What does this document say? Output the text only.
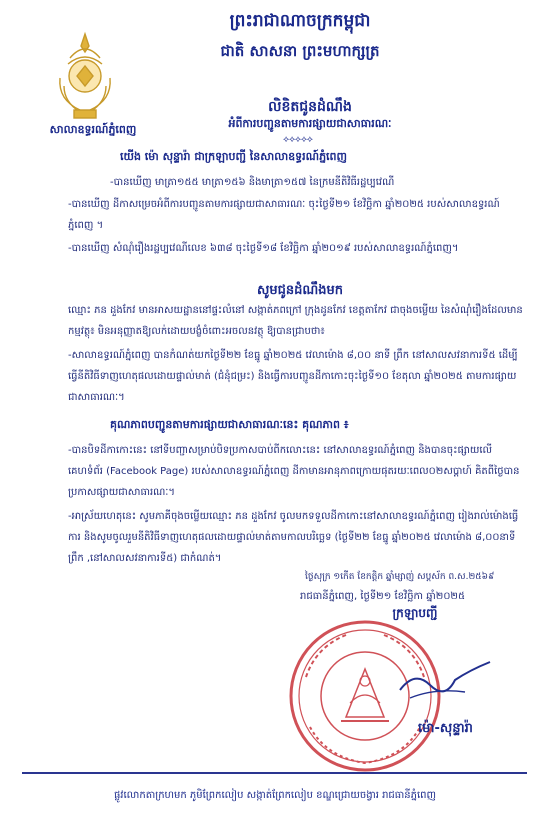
ព្រះរាជាណាចក្រកម្ពុជា
ជាតិ សាសនា ព្រះមហាក្សត្រ
សាលាឧទ្ធរណ៍ភ្នំពេញ
លិខិតជូនដំណឹង
អំពីការបញ្ជូនតាមការផ្សាយជាសាធារណៈ
⟡⟡⟡⟡⟡
យើង ម៉ោ សុន្ទារ៉ា ជាក្រឡាបញ្ជី នៃសាលាឧទ្ធរណ៍ភ្នំពេញ
-បានឃើញ មាត្រា១៥៥ មាត្រា១៥៦ និងមាត្រា១៥៧ នៃក្រមនីតិវិធីរដ្ឋប្បវេណី
-បានឃើញ ដីកាសម្រេចអំពីការបញ្ជូនតាមការផ្សាយជាសាធារណៈ ចុះថ្ងៃទី២១ ខែវិច្ឆិកា ឆ្នាំ២០២៥ របស់សាលាឧទ្ធរណ៍ភ្នំពេញ ។
-បានឃើញ សំណុំរឿងរដ្ឋប្បវេណីលេខ ៦៣៨ ចុះថ្ងៃទី១៨ ខែវិច្ឆិកា ឆ្នាំ២០១៩ របស់សាលាឧទ្ធរណ៍ភ្នំពេញ។
សូមជូនដំណឹងមក
ឈ្មោះ ភន ដួងកែវ មានអាសយដ្ឋាននៅផ្ទះលំនៅ សង្កាត់ភពក្រៅ ក្រុងដូនកែវ ខេត្តតាកែវ ជាចុងចម្លើយ នៃសំណុំរឿងដែលមានកម្មវត្ថុ៖ មិនអនុញ្ញាតឱ្យលក់ដោយបង្ខំចំពោះអចលនវត្ថុ ឱ្យបានជ្រាបថា៖
-សាលាឧទ្ធរណ៍ភ្នំពេញ បានកំណត់យកថ្ងៃទី២២ ខែធ្នូ ឆ្នាំ២០២៥ វេលាម៉ោង ៨,០០ នាទី ព្រឹក នៅសាលសវនាការទី៥ ដើម្បីធ្វើនីតិវិធីទាញហេតុផលដោយផ្ទាល់មាត់ (ជំនុំជម្រះ) និងធ្វើការបញ្ជូនដីកាកោះចុះថ្ងៃទី១០ ខែតុលា ឆ្នាំ២០២៥ តាមការផ្សាយជាសាធារណៈ។
គុណភាពបញ្ជូនតាមការផ្សាយជាសាធារណៈនេះ គុណភាព ៖
-បានបិទដីកាកោះនេះ នៅទីបញ្ជាសម្រាប់បិទប្រកាសបាប់ពីកលោះនេះ នៅសាលាឧទ្ធរណ៍ភ្នំពេញ និងបានចុះផ្សាយលើគេហទំព័រ (Facebook Page) របស់សាលាឧទ្ធរណ៍ភ្នំពេញ ដីកាមានអានុភាពក្រោយផុតរយៈពេល០២សប្ដាហ៍ គិតពីថ្ងៃបានប្រកាសផ្សាយជាសាធារណៈ។
-អាស្រ័យហេតុនេះ សូមភាគីចុងចម្លើយឈ្មោះ ភន ដួងកែវ ចូលមកទទួលដីកាកោះនៅសាលាឧទ្ធរណ៍ភ្នំពេញ រៀងរាល់ម៉ោងធ្វើការ និងសូមចូលរួមនីតិវិធីទាញហេតុផលដោយផ្ទាល់មាត់តាមកាលបរិច្ឆេទ (ថ្ងៃទី២២ ខែធ្នូ ឆ្នាំ២០២៥ វេលាម៉ោង ៨,០០នាទី ព្រឹក ,នៅសាលសវនាការទី៥) ជាកំណត់។
ថ្ងៃសុក្រ ១កើត ខែកត្តិក ឆ្នាំម្សាញ់ សប្តស័ក ព.ស.២៥៦៩
រាជធានីភ្នំពេញ, ថ្ងៃទី២១ ខែវិច្ឆិកា ឆ្នាំ២០២៥
ក្រឡាបញ្ជី
ម៉ោ-សុន្ទារ៉ា
ផ្លូវលោកតាក្រហមក ភូមិព្រែកលៀប សង្កាត់ព្រែកលៀប ខណ្ឌជ្រោយចង្វារ រាជធានីភ្នំពេញ
